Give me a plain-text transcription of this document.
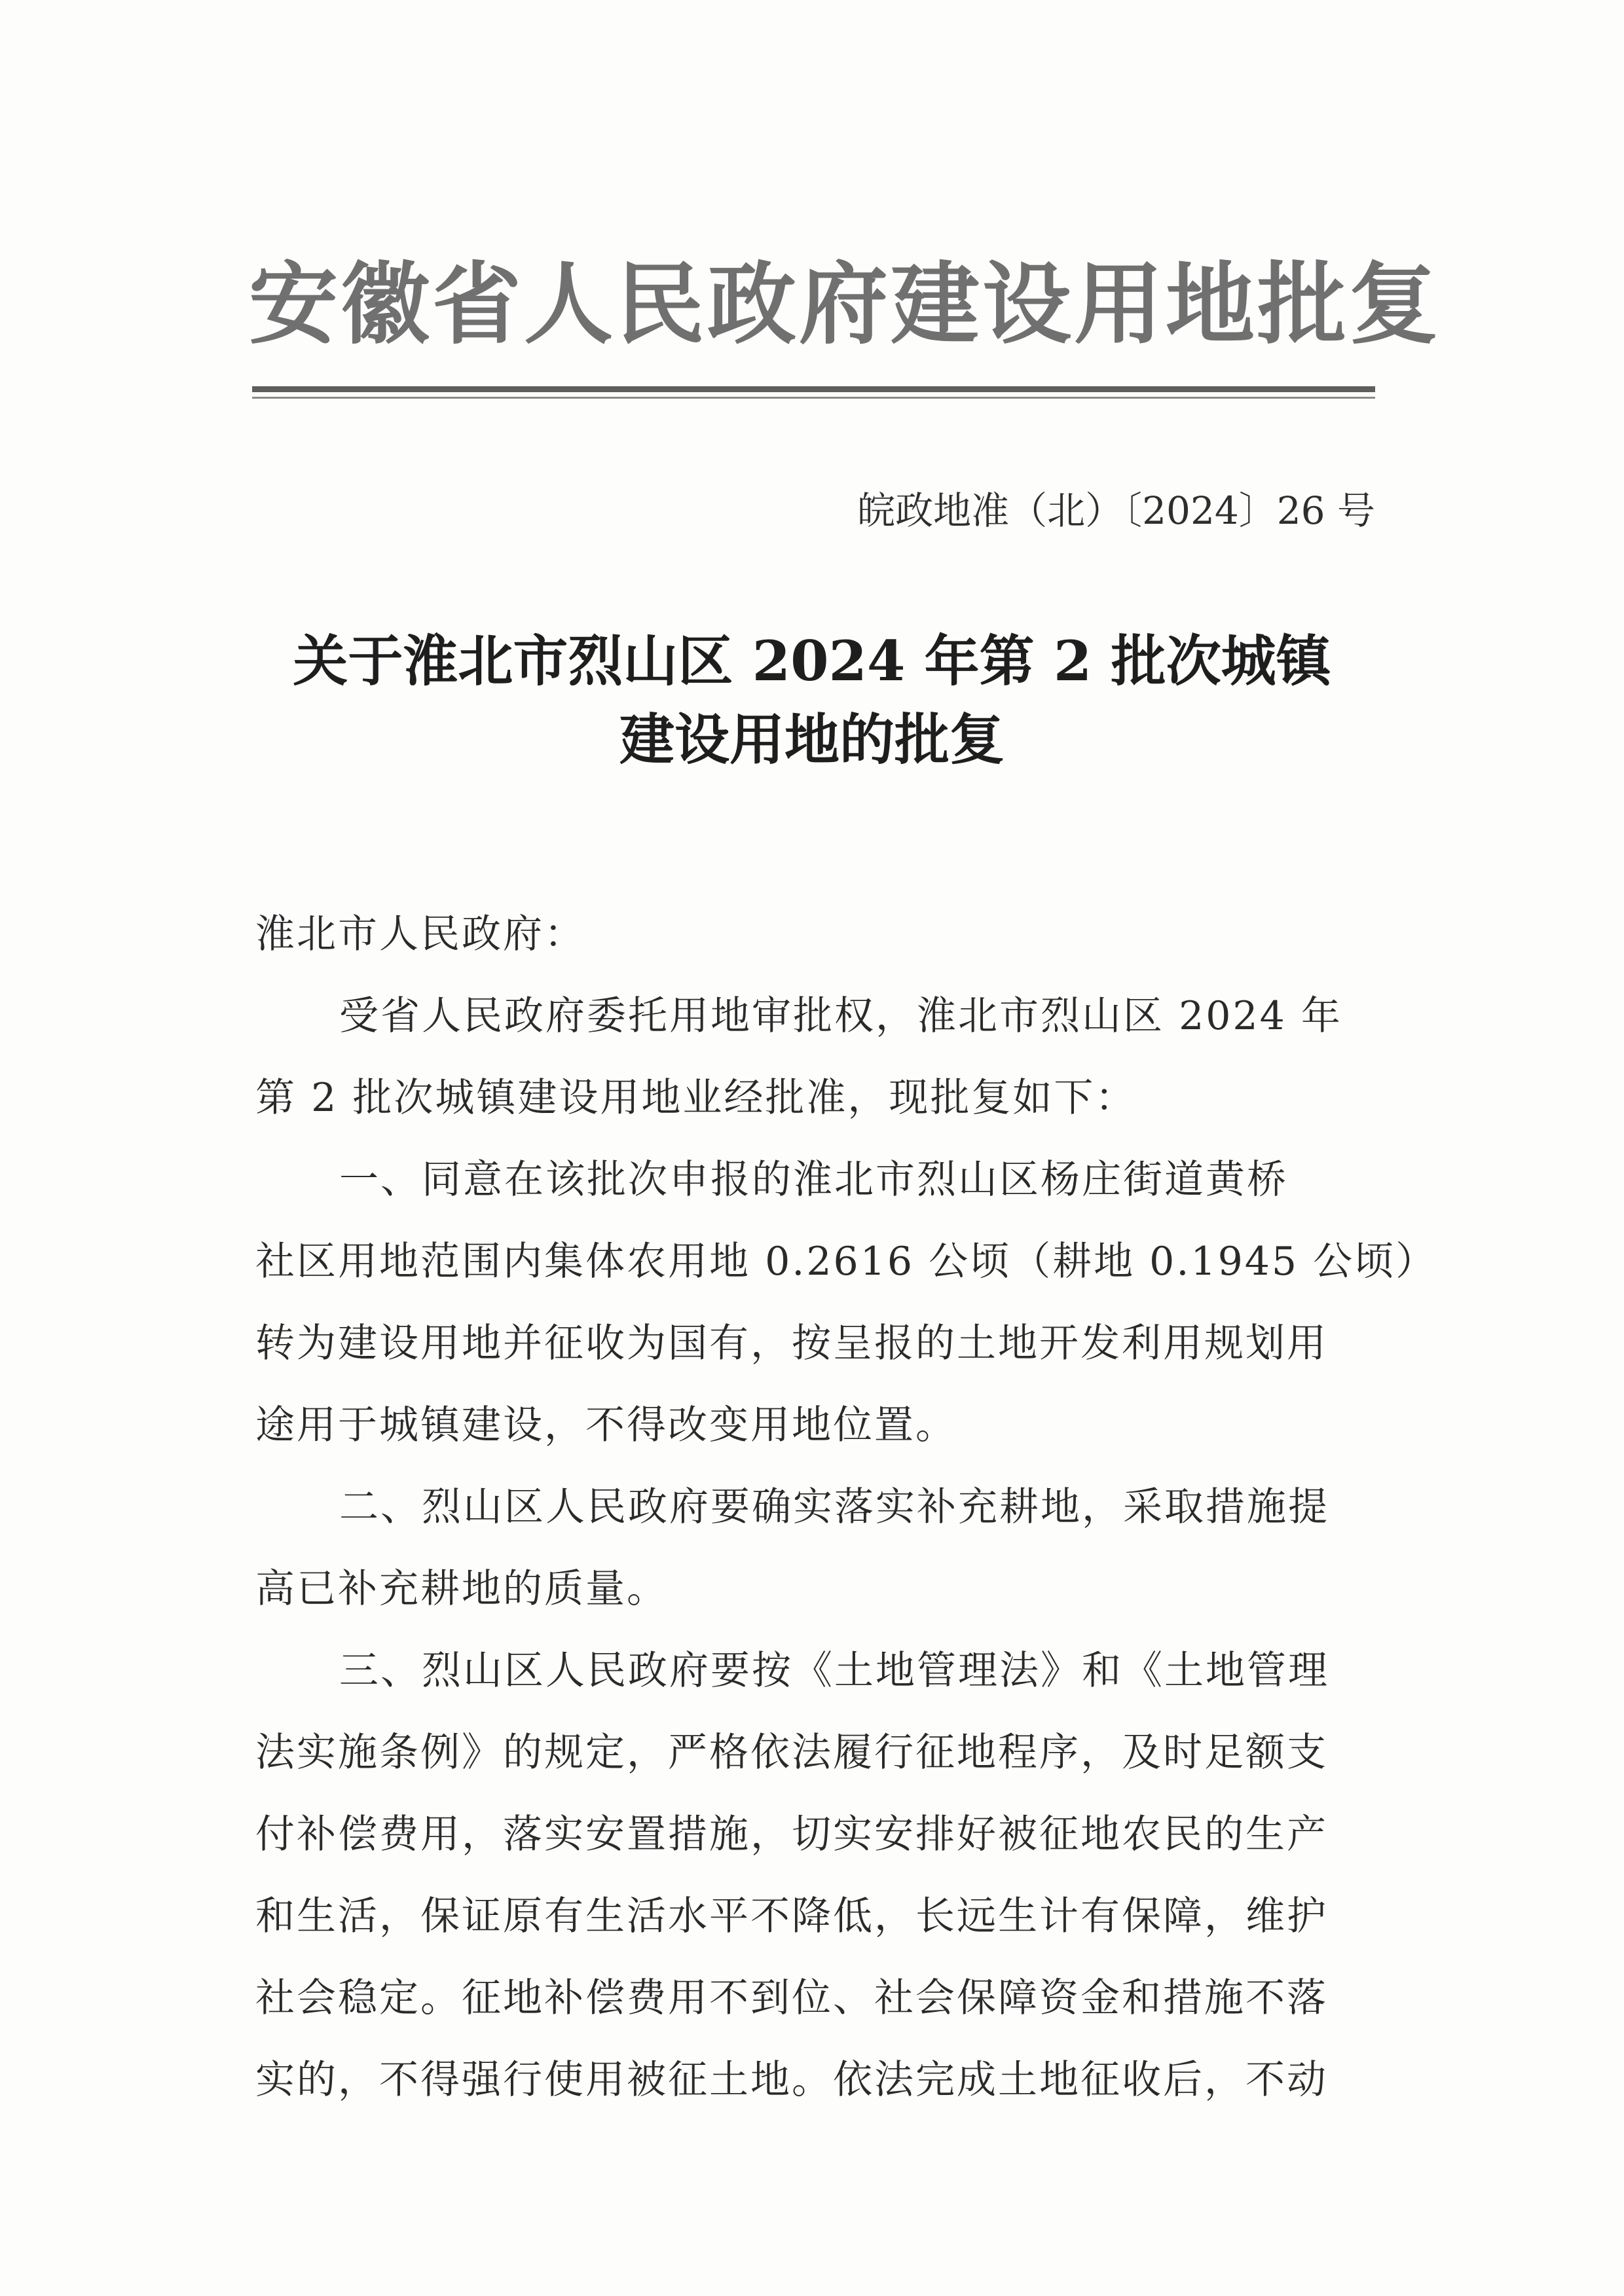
安徽省人民政府建设用地批复
皖政地准（北）〔2024〕26 号
关于淮北市烈山区 2024 年第 2 批次城镇
建设用地的批复
淮北市人民政府：
受省人民政府委托用地审批权，淮北市烈山区 2024 年
第 2 批次城镇建设用地业经批准，现批复如下：
一、同意在该批次申报的淮北市烈山区杨庄街道黄桥
社区用地范围内集体农用地 0.2616 公顷（耕地 0.1945 公顷）
转为建设用地并征收为国有，按呈报的土地开发利用规划用
途用于城镇建设，不得改变用地位置。
二、烈山区人民政府要确实落实补充耕地，采取措施提
高已补充耕地的质量。
三、烈山区人民政府要按《土地管理法》和《土地管理
法实施条例》的规定，严格依法履行征地程序，及时足额支
付补偿费用，落实安置措施，切实安排好被征地农民的生产
和生活，保证原有生活水平不降低，长远生计有保障，维护
社会稳定。征地补偿费用不到位、社会保障资金和措施不落
实的，不得强行使用被征土地。依法完成土地征收后，不动
